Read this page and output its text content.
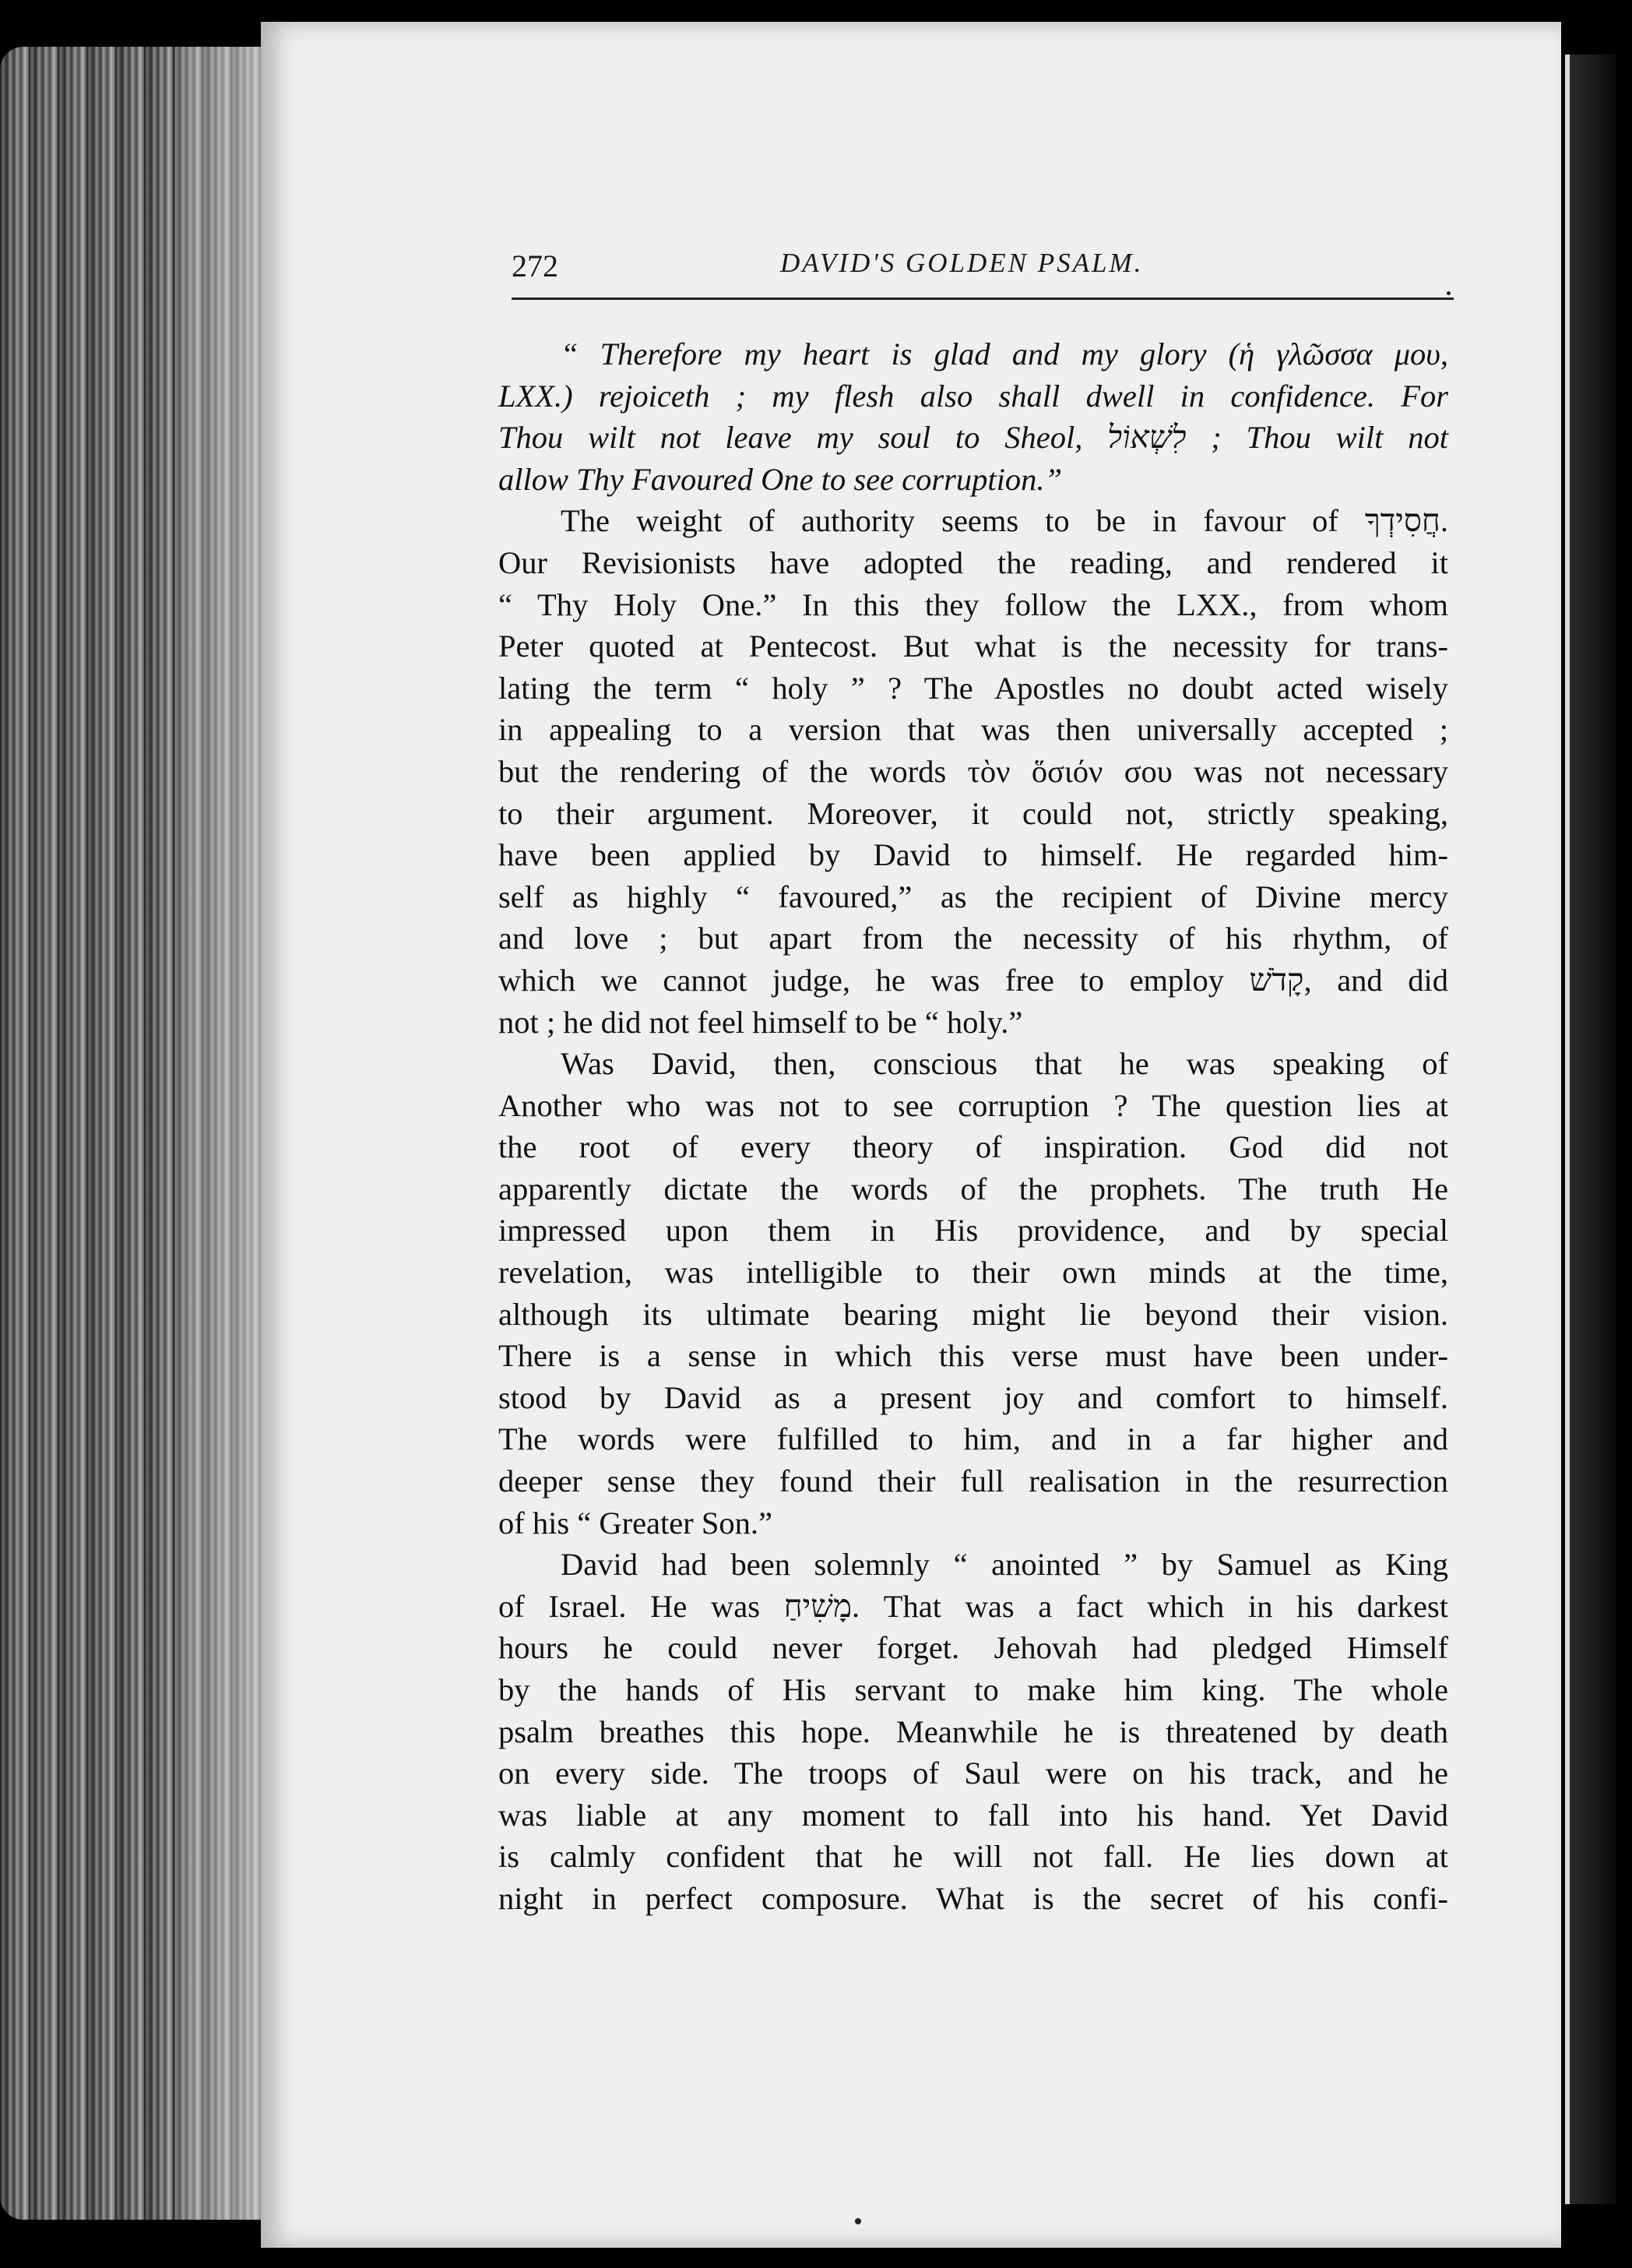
272	DAVID'S GOLDEN PSALM.
“ Therefore my heart is glad and my glory (ἡ γλῶσσα μου,
LXX.) rejoiceth ; my flesh also shall dwell in confidence. For
Thou wilt not leave my soul to Sheol, לִשְׁאוֹל ; Thou wilt not
allow Thy Favoured One to see corruption.”
The weight of authority seems to be in favour of חֲסִידְךָ.
Our Revisionists have adopted the reading, and rendered it
“ Thy Holy One.” In this they follow the LXX., from whom
Peter quoted at Pentecost. But what is the necessity for trans-
lating the term “ holy ” ? The Apostles no doubt acted wisely
in appealing to a version that was then universally accepted ;
but the rendering of the words τὸν ὅσιόν σου was not necessary
to their argument. Moreover, it could not, strictly speaking,
have been applied by David to himself. He regarded him-
self as highly “ favoured,” as the recipient of Divine mercy
and love ; but apart from the necessity of his rhythm, of
which we cannot judge, he was free to employ קָדֹשׁ, and did
not ; he did not feel himself to be “ holy.”
Was David, then, conscious that he was speaking of
Another who was not to see corruption ? The question lies at
the root of every theory of inspiration. God did not
apparently dictate the words of the prophets. The truth He
impressed upon them in His providence, and by special
revelation, was intelligible to their own minds at the time,
although its ultimate bearing might lie beyond their vision.
There is a sense in which this verse must have been under-
stood by David as a present joy and comfort to himself.
The words were fulfilled to him, and in a far higher and
deeper sense they found their full realisation in the resurrection
of his “ Greater Son.”
David had been solemnly “ anointed ” by Samuel as King
of Israel. He was מָשִׁיחַ. That was a fact which in his darkest
hours he could never forget. Jehovah had pledged Himself
by the hands of His servant to make him king. The whole
psalm breathes this hope. Meanwhile he is threatened by death
on every side. The troops of Saul were on his track, and he
was liable at any moment to fall into his hand. Yet David
is calmly confident that he will not fall. He lies down at
night in perfect composure. What is the secret of his confi-
